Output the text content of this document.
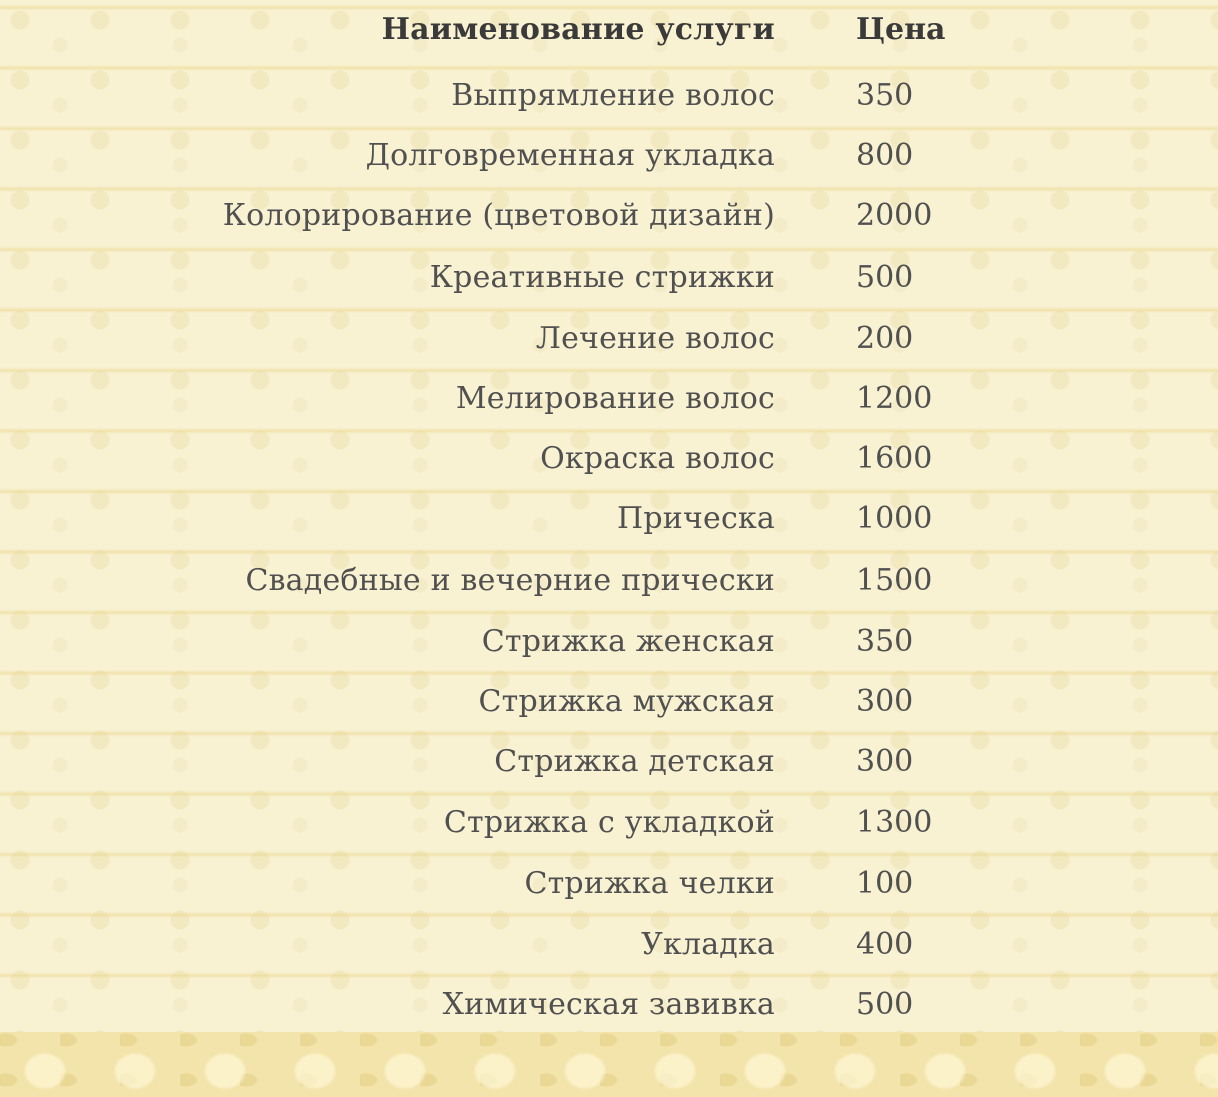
Наименование услуги	Цена
Выпрямление волос	350
Долговременная укладка	800
Колорирование (цветовой дизайн)	2000
Креативные стрижки	500
Лечение волос	200
Мелирование волос	1200
Окраска волос	1600
Прическа	1000
Свадебные и вечерние прически	1500
Стрижка женская	350
Стрижка мужская	300
Стрижка детская	300
Стрижка с укладкой	1300
Стрижка челки	100
Укладка	400
Химическая завивка	500
